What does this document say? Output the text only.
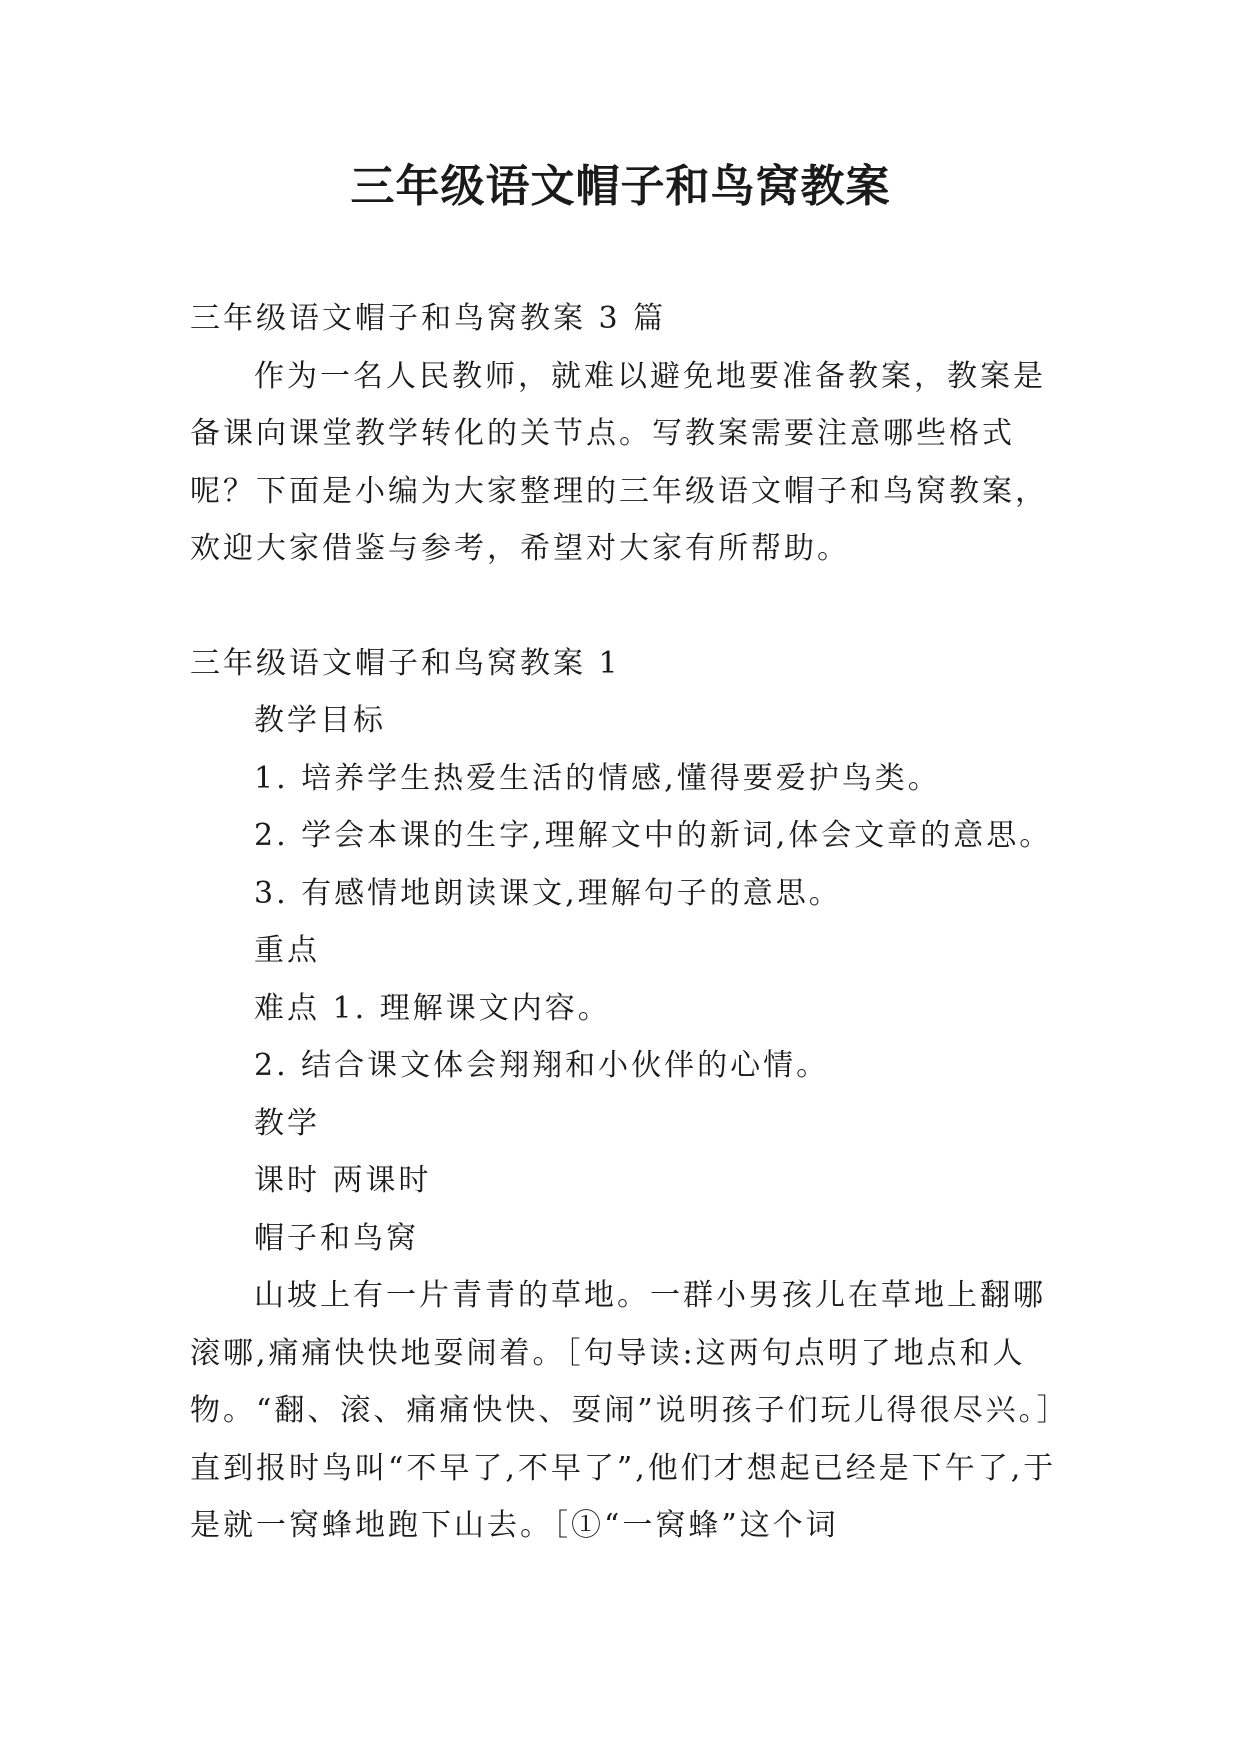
三年级语文帽子和鸟窝教案

三年级语文帽子和鸟窝教案 3 篇

作为一名人民教师，就难以避免地要准备教案，教案是备课向课堂教学转化的关节点。写教案需要注意哪些格式呢？下面是小编为大家整理的三年级语文帽子和鸟窝教案，欢迎大家借鉴与参考，希望对大家有所帮助。

三年级语文帽子和鸟窝教案 1

教学目标

1. 培养学生热爱生活的情感,懂得要爱护鸟类。

2. 学会本课的生字,理解文中的新词,体会文章的意思。

3. 有感情地朗读课文,理解句子的意思。

重点

难点 1. 理解课文内容。

2. 结合课文体会翔翔和小伙伴的心情。

教学

课时 两课时

帽子和鸟窝

山坡上有一片青青的草地。一群小男孩儿在草地上翻哪滚哪,痛痛快快地耍闹着。［句导读:这两句点明了地点和人物。“翻、滚、痛痛快快、耍闹”说明孩子们玩儿得很尽兴。］直到报时鸟叫“不早了,不早了”,他们才想起已经是下午了,于是就一窝蜂地跑下山去。［①“一窝蜂”这个词
